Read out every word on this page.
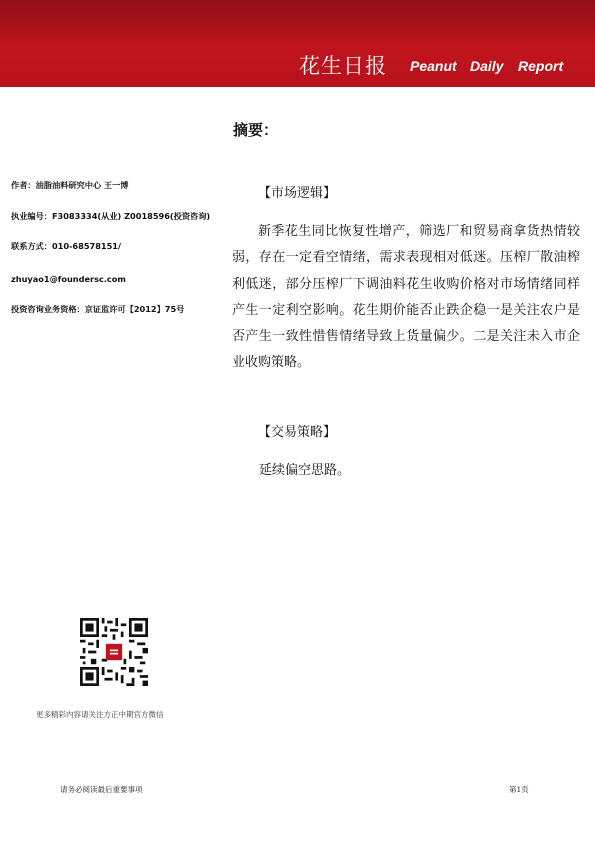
花生日报 Peanut Daily Report
摘要：
作者：油脂油料研究中心 王一博
执业编号：F3083334(从业) Z0018596(投资咨询)
联系方式：010-68578151/
zhuyao1@foundersc.com
投资咨询业务资格：京证监许可【2012】75号
【市场逻辑】

新季花生同比恢复性增产，筛选厂和贸易商拿货热情较弱，存在一定看空情绪，需求表现相对低迷。压榨厂散油榨利低迷，部分压榨厂下调油料花生收购价格对市场情绪同样产生一定利空影响。花生期价能否止跌企稳一是关注农户是否产生一致性惜售情绪导致上货量偏少。二是关注未入市企业收购策略。

【交易策略】
延续偏空思路。
更多精彩内容请关注方正中期官方微信
请务必阅读最后重要事项	第1页
